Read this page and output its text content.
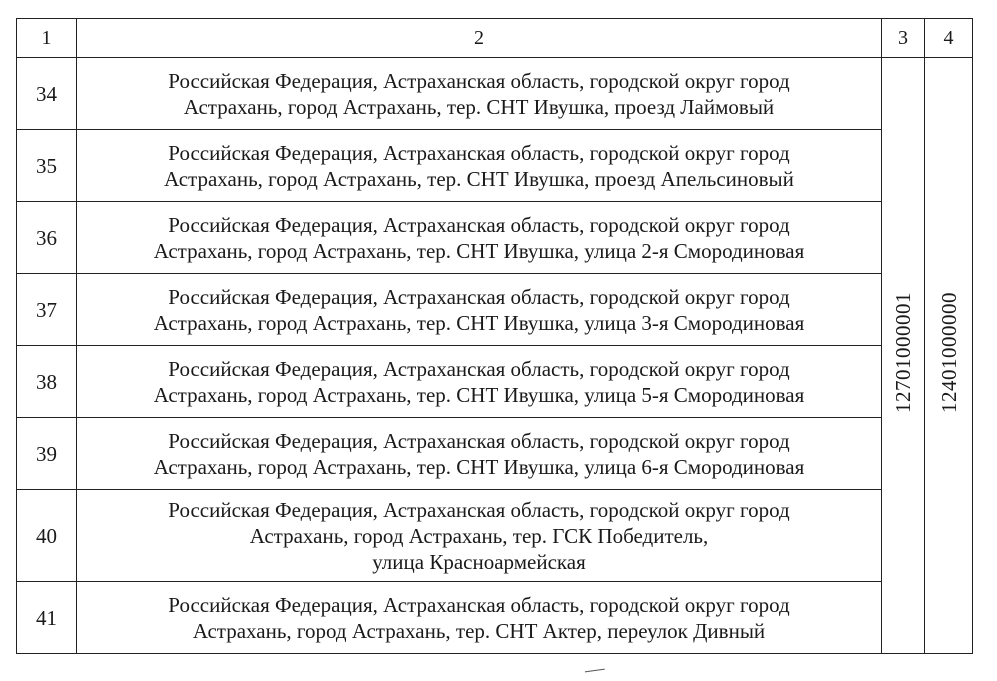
1	2	3	4
34	Российская Федерация, Астраханская область, городской округ город
Астрахань, город Астрахань, тер. СНТ Ивушка, проезд Лаймовый	12701000001	12401000000
35	Российская Федерация, Астраханская область, городской округ город
Астрахань, город Астрахань, тер. СНТ Ивушка, проезд Апельсиновый		

36	Российская Федерация, Астраханская область, городской округ город
Астрахань, город Астрахань, тер. СНТ Ивушка, улица 2-я Смородиновая		

37	Российская Федерация, Астраханская область, городской округ город
Астрахань, город Астрахань, тер. СНТ Ивушка, улица 3-я Смородиновая		

38	Российская Федерация, Астраханская область, городской округ город
Астрахань, город Астрахань, тер. СНТ Ивушка, улица 5-я Смородиновая		

39	Российская Федерация, Астраханская область, городской округ город
Астрахань, город Астрахань, тер. СНТ Ивушка, улица 6-я Смородиновая		

40	Российская Федерация, Астраханская область, городской округ город
Астрахань, город Астрахань, тер. ГСК Победитель,
улица Красноармейская		

41	Российская Федерация, Астраханская область, городской округ город
Астрахань, город Астрахань, тер. СНТ Актер, переулок Дивный		
